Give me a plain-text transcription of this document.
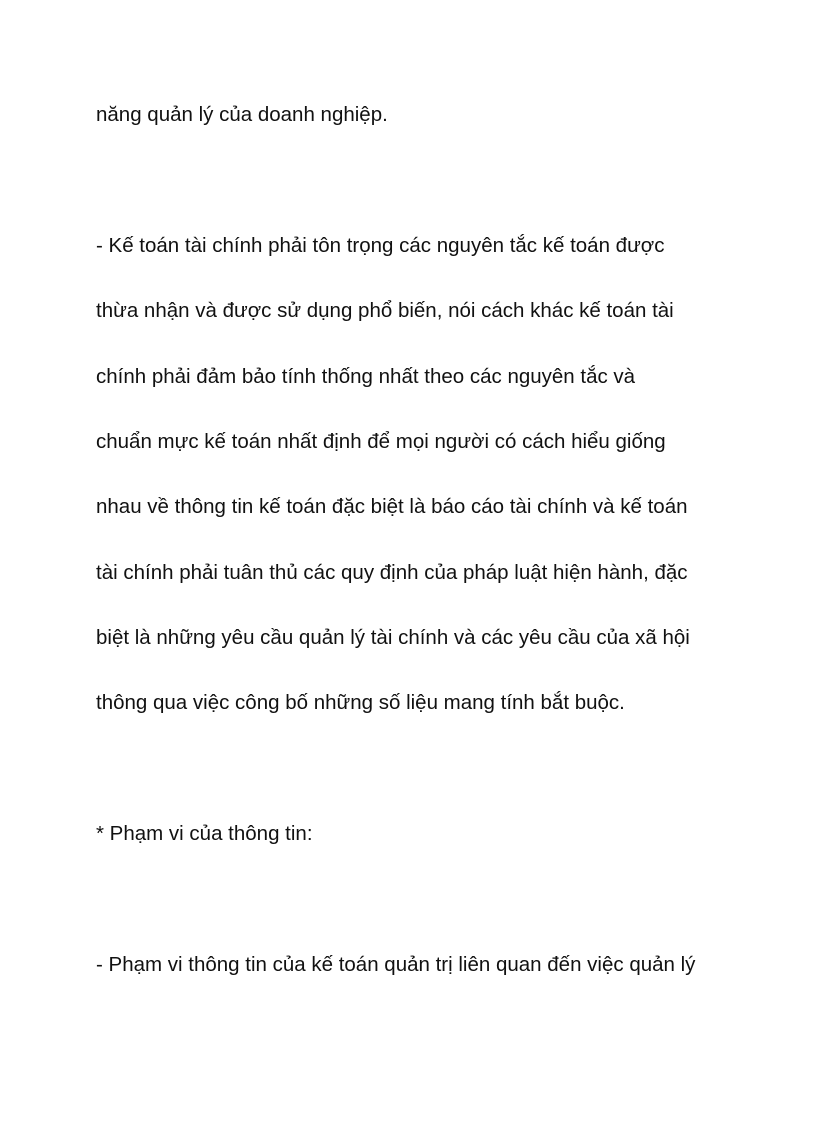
năng quản lý của doanh nghiệp.
- Kế toán tài chính phải tôn trọng các nguyên tắc kế toán được
thừa nhận và được sử dụng phổ biến, nói cách khác kế toán tài
chính phải đảm bảo tính thống nhất theo các nguyên tắc và
chuẩn mực kế toán nhất định để mọi người có cách hiểu giống
nhau về thông tin kế toán đặc biệt là báo cáo tài chính và kế toán
tài chính phải tuân thủ các quy định của pháp luật hiện hành, đặc
biệt là những yêu cầu quản lý tài chính và các yêu cầu của xã hội
thông qua việc công bố những số liệu mang tính bắt buộc.
* Phạm vi của thông tin:
- Phạm vi thông tin của kế toán quản trị liên quan đến việc quản lý
